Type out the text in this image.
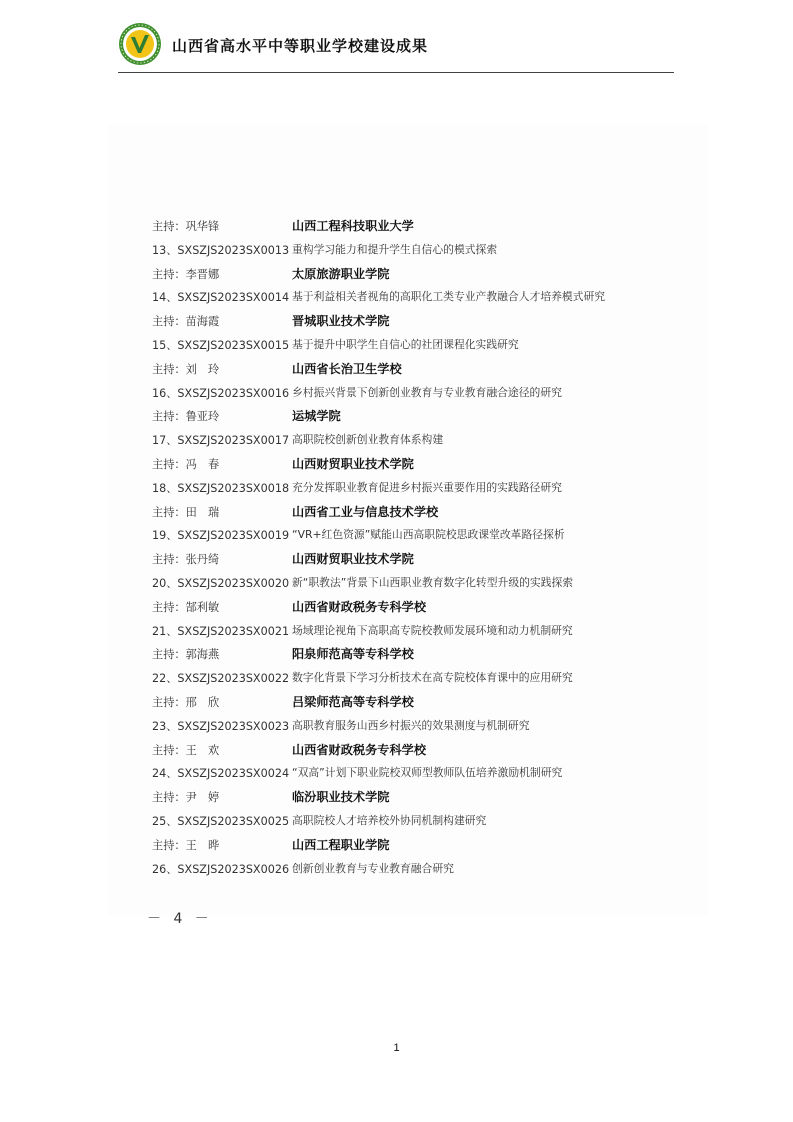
山西省高水平中等职业学校建设成果
主持：巩华锋	山西工程科技职业大学
13、SXSZJS2023SX0013 重构学习能力和提升学生自信心的模式探索
主持：李晋娜	太原旅游职业学院
14、SXSZJS2023SX0014 基于利益相关者视角的高职化工类专业产教融合人才培养模式研究
主持：苗海霞	晋城职业技术学院
15、SXSZJS2023SX0015 基于提升中职学生自信心的社团课程化实践研究
主持：刘　玲	山西省长治卫生学校
16、SXSZJS2023SX0016 乡村振兴背景下创新创业教育与专业教育融合途径的研究
主持：鲁亚玲	运城学院
17、SXSZJS2023SX0017 高职院校创新创业教育体系构建
主持：冯　春	山西财贸职业技术学院
18、SXSZJS2023SX0018 充分发挥职业教育促进乡村振兴重要作用的实践路径研究
主持：田　瑞	山西省工业与信息技术学校
19、SXSZJS2023SX0019 “VR+红色资源”赋能山西高职院校思政课堂改革路径探析
主持：张丹绮	山西财贸职业技术学院
20、SXSZJS2023SX0020 新“职教法”背景下山西职业教育数字化转型升级的实践探索
主持：郜利敏	山西省财政税务专科学校
21、SXSZJS2023SX0021 场域理论视角下高职高专院校教师发展环境和动力机制研究
主持：郭海燕	阳泉师范高等专科学校
22、SXSZJS2023SX0022 数字化背景下学习分析技术在高专院校体育课中的应用研究
主持：邢　欣	吕梁师范高等专科学校
23、SXSZJS2023SX0023 高职教育服务山西乡村振兴的效果测度与机制研究
主持：王　欢	山西省财政税务专科学校
24、SXSZJS2023SX0024 “双高”计划下职业院校双师型教师队伍培养激励机制研究
主持：尹　婷	临汾职业技术学院
25、SXSZJS2023SX0025 高职院校人才培养校外协同机制构建研究
主持：王　晔	山西工程职业学院
26、SXSZJS2023SX0026 创新创业教育与专业教育融合研究
－ 4 －
1
